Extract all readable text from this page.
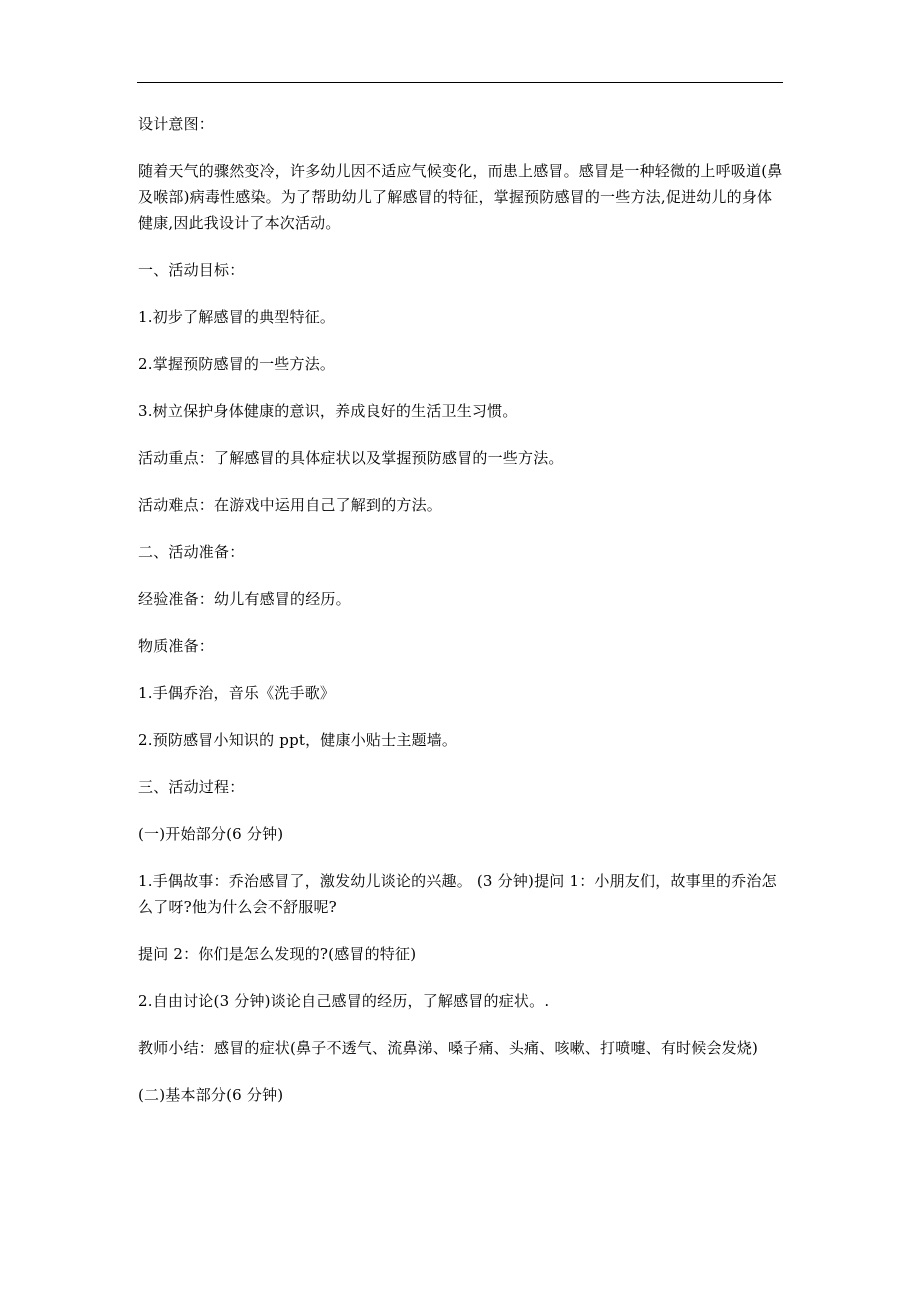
设计意图：

随着天气的骤然变冷，许多幼儿因不适应气候变化，而患上感冒。感冒是一种轻微的上呼吸道(鼻及喉部)病毒性感染。为了帮助幼儿了解感冒的特征，掌握预防感冒的一些方法,促进幼儿的身体健康,因此我设计了本次活动。

一、活动目标：

1.初步了解感冒的典型特征。

2.掌握预防感冒的一些方法。

3.树立保护身体健康的意识，养成良好的生活卫生习惯。

活动重点：了解感冒的具体症状以及掌握预防感冒的一些方法。

活动难点：在游戏中运用自己了解到的方法。

二、活动准备：

经验准备：幼儿有感冒的经历。

物质准备：

1.手偶乔治，音乐《洗手歌》

2.预防感冒小知识的 ppt，健康小贴士主题墙。

三、活动过程：

(一)开始部分(6 分钟)

1.手偶故事：乔治感冒了，激发幼儿谈论的兴趣。 (3 分钟)提问 1：小朋友们，故事里的乔治怎么了呀?他为什么会不舒服呢?

提问 2：你们是怎么发现的?(感冒的特征)

2.自由讨论(3 分钟)谈论自己感冒的经历，了解感冒的症状。.

教师小结：感冒的症状(鼻子不透气、流鼻涕、嗓子痛、头痛、咳嗽、打喷嚏、有时候会发烧)

(二)基本部分(6 分钟)
